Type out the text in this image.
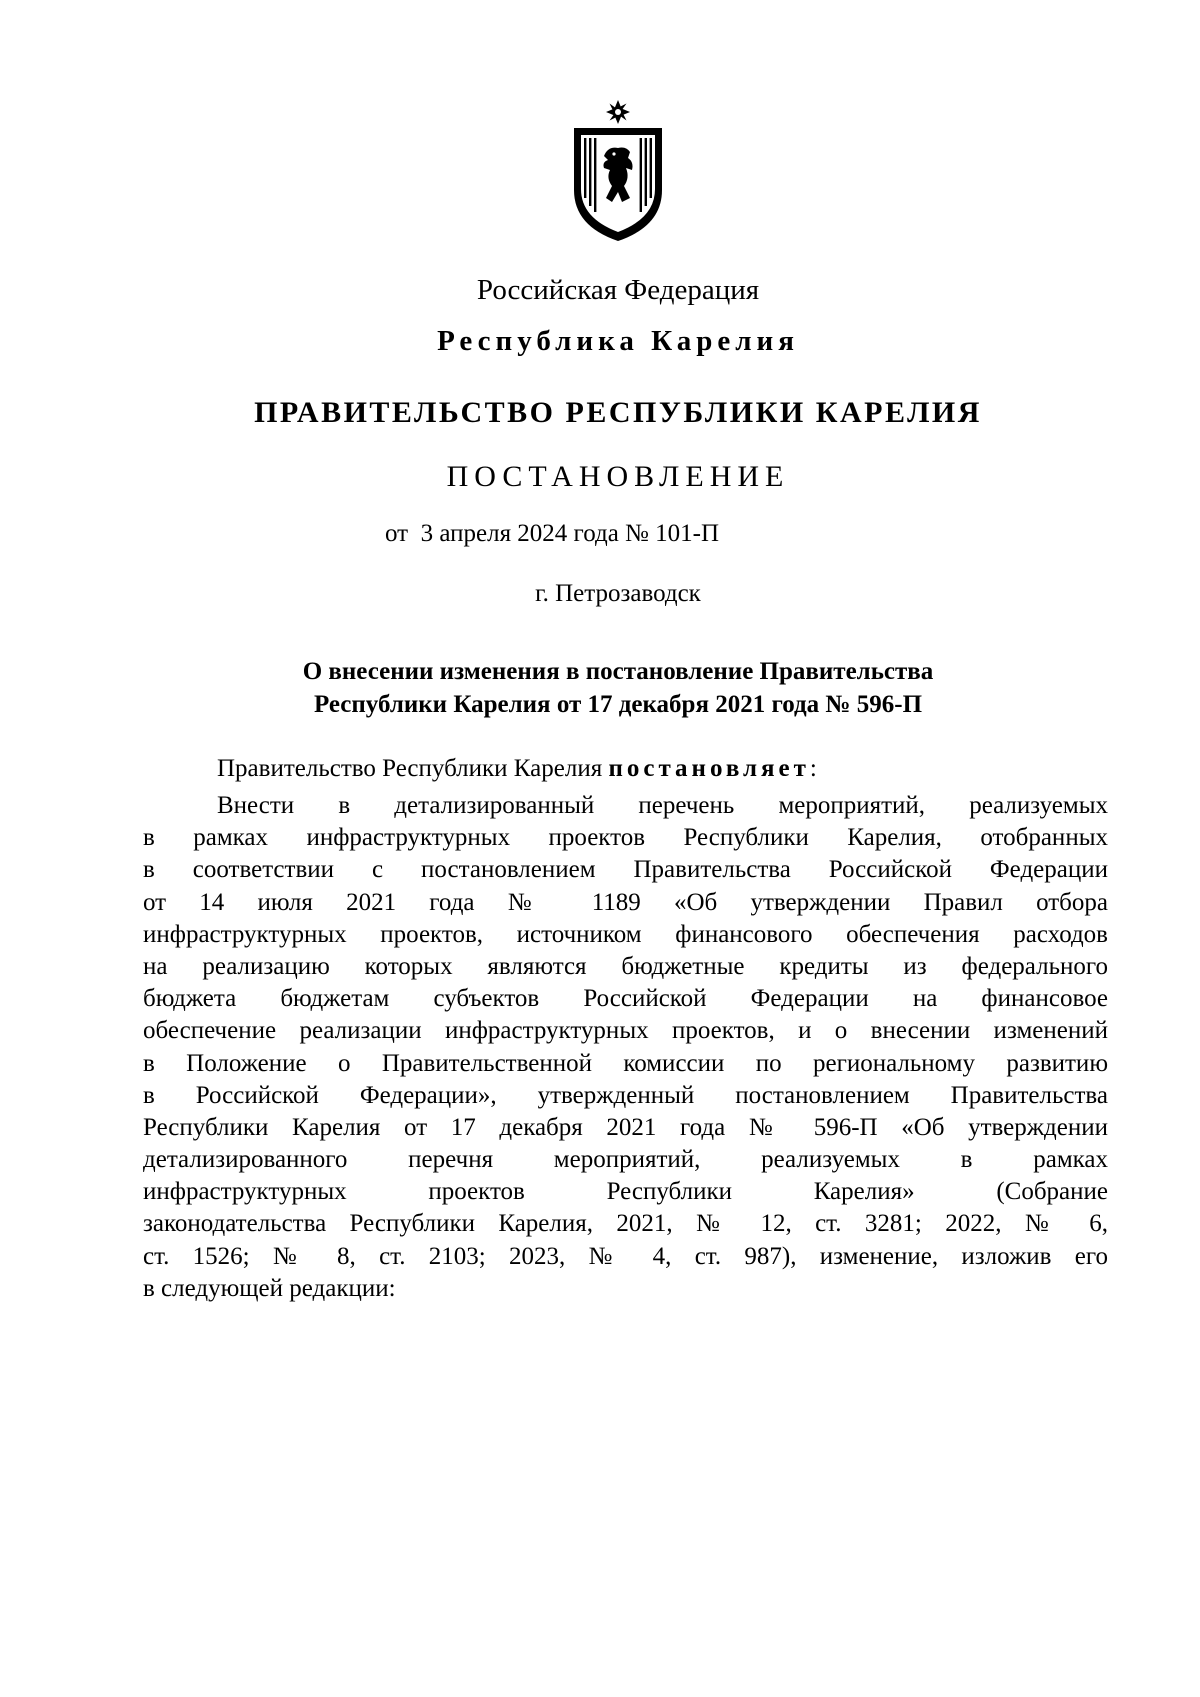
Российская Федерация
Республика Карелия
ПРАВИТЕЛЬСТВО РЕСПУБЛИКИ КАРЕЛИЯ
ПОСТАНОВЛЕНИЕ
от  3 апреля 2024 года № 101-П
г. Петрозаводск
О внесении изменения в постановление Правительства
Республики Карелия от 17 декабря 2021 года № 596-П
Правительство Республики Карелия постановляет:
Внести в детализированный перечень мероприятий, реализуемых
в рамках инфраструктурных проектов Республики Карелия, отобранных
в соответствии с постановлением Правительства Российской Федерации
от 14 июля 2021 года № 1189 «Об утверждении Правил отбора
инфраструктурных проектов, источником финансового обеспечения расходов
на реализацию которых являются бюджетные кредиты из федерального
бюджета бюджетам субъектов Российской Федерации на финансовое
обеспечение реализации инфраструктурных проектов, и о внесении изменений
в Положение о Правительственной комиссии по региональному развитию
в Российской Федерации», утвержденный постановлением Правительства
Республики Карелия от 17 декабря 2021 года № 596-П «Об утверждении
детализированного перечня мероприятий, реализуемых в рамках
инфраструктурных проектов Республики Карелия» (Собрание
законодательства Республики Карелия, 2021, № 12, ст. 3281; 2022, № 6,
ст. 1526; № 8, ст. 2103; 2023, № 4, ст. 987), изменение, изложив его
в следующей редакции:
